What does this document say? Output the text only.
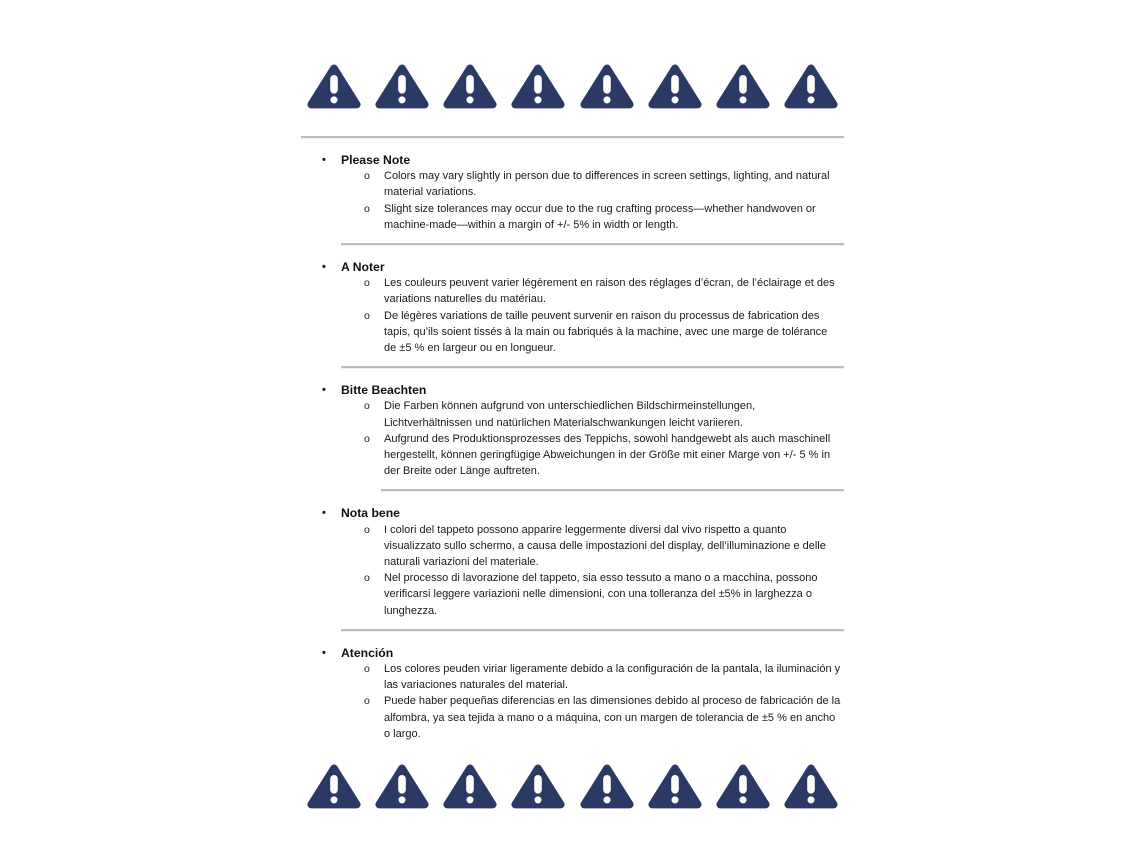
•	Please Note
o	Colors may vary slightly in person due to differences in screen settings, lighting, and natural material variations.

o	Slight size tolerances may occur due to the rug crafting process—whether handwoven or machine-made—within a margin of +/- 5% in width or length.

•	A Noter
o	Les couleurs peuvent varier légèrement en raison des réglages d’écran, de l’éclairage et des variations naturelles du matériau.

o	De légères variations de taille peuvent survenir en raison du processus de fabrication des tapis, qu’ils soient tissés à la main ou fabriqués à la machine, avec une marge de tolérance de ±5 % en largeur ou en longueur.

•	Bitte Beachten
o	Die Farben können aufgrund von unterschiedlichen Bildschirmeinstellungen, Lichtverhältnissen und natürlichen Materialschwankungen leicht variieren.

o	Aufgrund des Produktionsprozesses des Teppichs, sowohl handgewebt als auch maschinell hergestellt, können geringfügige Abweichungen in der Größe mit einer Marge von +/- 5 % in der Breite oder Länge auftreten.

•	Nota bene
o	I colori del tappeto possono apparire leggermente diversi dal vivo rispetto a quanto visualizzato sullo schermo, a causa delle impostazioni del display, dell’illuminazione e delle naturali variazioni del materiale.

o	Nel processo di lavorazione del tappeto, sia esso tessuto a mano o a macchina, possono verificarsi leggere variazioni nelle dimensioni, con una tolleranza del ±5% in larghezza o lunghezza.

•	Atención
o	Los colores peuden viriar ligeramente debido a la configuración de la pantala, la iluminación y las variaciones naturales del material.

o	Puede haber pequeñas diferencias en las dimensiones debido al proceso de fabricación de la alfombra, ya sea tejida a mano o a máquina, con un margen de tolerancia de ±5 % en ancho o largo.
